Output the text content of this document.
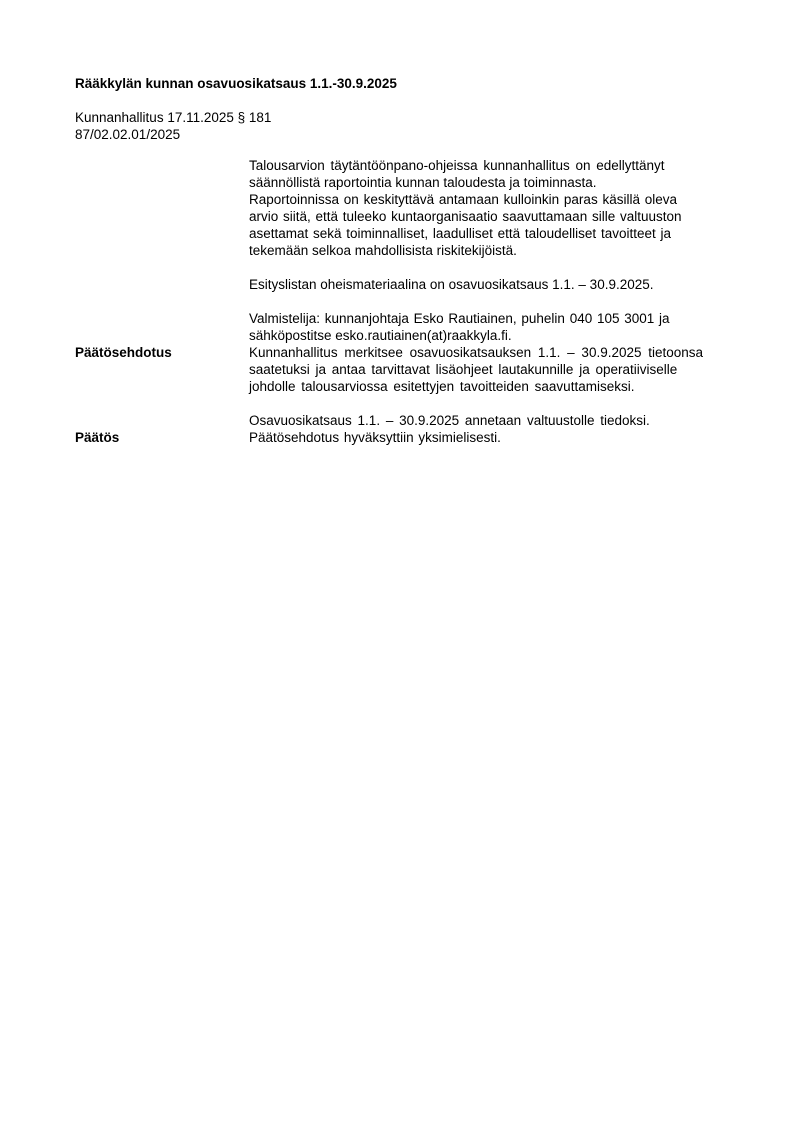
Rääkkylän kunnan osavuosikatsaus 1.1.-30.9.2025
Kunnanhallitus 17.11.2025 § 181
87/02.02.01/2025
Talousarvion täytäntöönpano-ohjeissa kunnanhallitus on edellyttänyt
säännöllistä raportointia kunnan taloudesta ja toiminnasta.
Raportoinnissa on keskityttävä antamaan kulloinkin paras käsillä oleva
arvio siitä, että tuleeko kuntaorganisaatio saavuttamaan sille valtuuston
asettamat sekä toiminnalliset, laadulliset että taloudelliset tavoitteet ja
tekemään selkoa mahdollisista riskitekijöistä.
Esityslistan oheismateriaalina on osavuosikatsaus 1.1. – 30.9.2025.
Valmistelija: kunnanjohtaja Esko Rautiainen, puhelin 040 105 3001 ja
sähköpostitse esko.rautiainen(at)raakkyla.fi.
Päätösehdotus	Kunnanhallitus merkitsee osavuosikatsauksen 1.1. – 30.9.2025 tietoonsa
saatetuksi ja antaa tarvittavat lisäohjeet lautakunnille ja operatiiviselle
johdolle talousarviossa esitettyjen tavoitteiden saavuttamiseksi.
Osavuosikatsaus 1.1. – 30.9.2025 annetaan valtuustolle tiedoksi.
Päätös	Päätösehdotus hyväksyttiin yksimielisesti.
